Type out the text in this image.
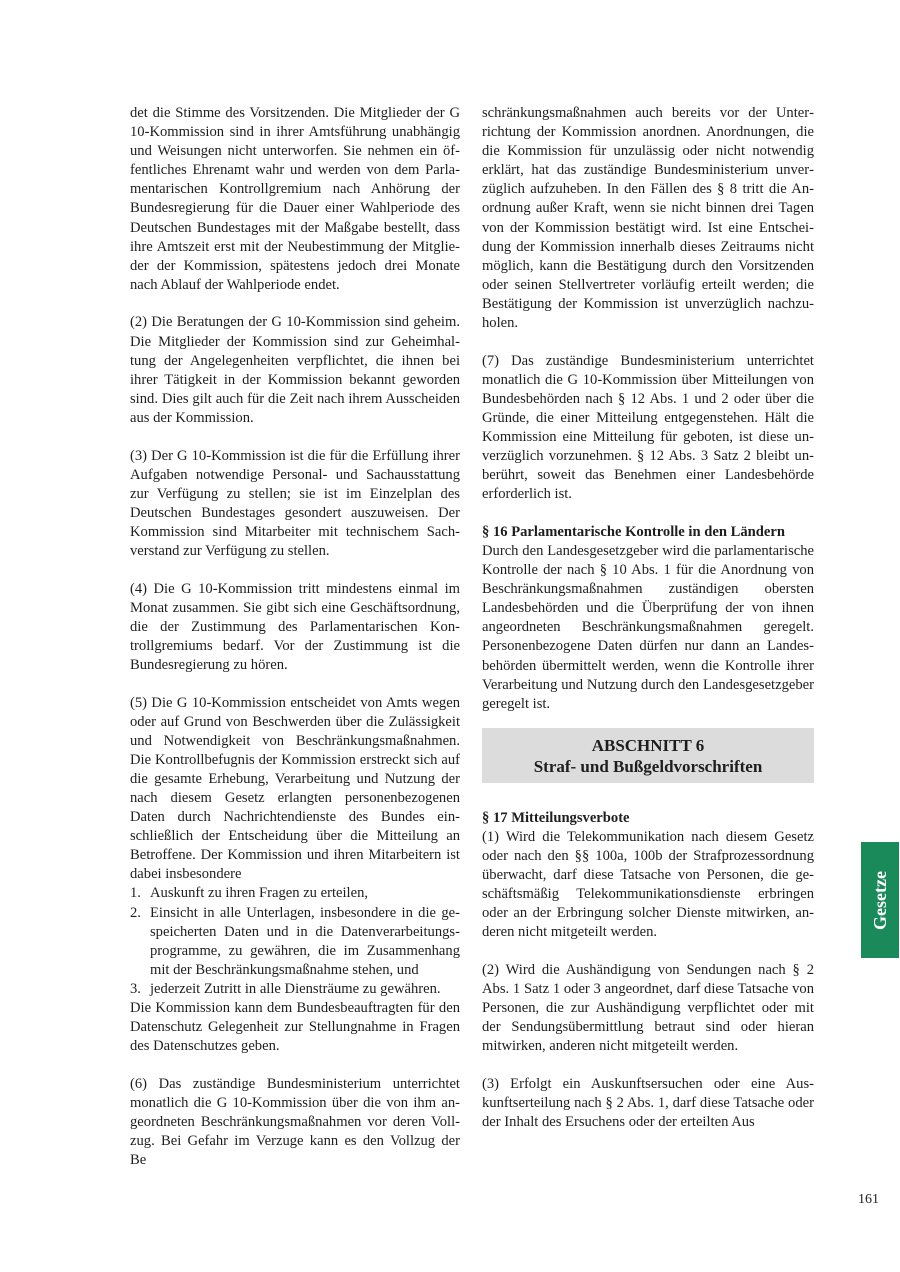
det die Stimme des Vorsitzenden. Die Mitglieder der G 10-Kommission sind in ihrer Amtsführung unabhängig und Weisungen nicht unterworfen. Sie nehmen ein öffentliches Ehrenamt wahr und werden von dem Parlamentarischen Kontrollgremium nach Anhörung der Bundesregierung für die Dauer einer Wahlperiode des Deutschen Bundestages mit der Maßgabe bestellt, dass ihre Amtszeit erst mit der Neubestimmung der Mitglieder der Kommission, spätestens jedoch drei Monate nach Ablauf der Wahlperiode endet.

(2) Die Beratungen der G 10-Kommission sind geheim. Die Mitglieder der Kommission sind zur Geheimhaltung der Angelegenheiten verpflichtet, die ihnen bei ihrer Tätigkeit in der Kommission bekannt geworden sind. Dies gilt auch für die Zeit nach ihrem Ausscheiden aus der Kommission.

(3) Der G 10-Kommission ist die für die Erfüllung ihrer Aufgaben notwendige Personal- und Sachausstattung zur Verfügung zu stellen; sie ist im Einzelplan des Deutschen Bundestages gesondert auszuweisen. Der Kommission sind Mitarbeiter mit technischem Sachverstand zur Verfügung zu stellen.

(4) Die G 10-Kommission tritt mindestens einmal im Monat zusammen. Sie gibt sich eine Geschäftsordnung, die der Zustimmung des Parlamentarischen Kontrollgremiums bedarf. Vor der Zustimmung ist die Bundesregierung zu hören.

(5) Die G 10-Kommission entscheidet von Amts wegen oder auf Grund von Beschwerden über die Zulässigkeit und Notwendigkeit von Beschränkungsmaßnahmen. Die Kontrollbefugnis der Kommission erstreckt sich auf die gesamte Erhebung, Verarbeitung und Nutzung der nach diesem Gesetz erlangten personenbezogenen Daten durch Nachrichtendienste des Bundes einschließlich der Entscheidung über die Mitteilung an Betroffene. Der Kommission und ihren Mitarbeitern ist dabei insbesondere

1. Auskunft zu ihren Fragen zu erteilen,
2. Einsicht in alle Unterlagen, insbesondere in die gespeicherten Daten und in die Datenverarbeitungsprogramme, zu gewähren, die im Zusammenhang mit der Beschränkungsmaßnahme stehen, und
3. jederzeit Zutritt in alle Diensträume zu gewähren.

Die Kommission kann dem Bundesbeauftragten für den Datenschutz Gelegenheit zur Stellungnahme in Fragen des Datenschutzes geben.

(6) Das zuständige Bundesministerium unterrichtet monatlich die G 10-Kommission über die von ihm angeordneten Beschränkungsmaßnahmen vor deren Vollzug. Bei Gefahr im Verzuge kann es den Vollzug der Be

schränkungsmaßnahmen auch bereits vor der Unterrichtung der Kommission anordnen. Anordnungen, die die Kommission für unzulässig oder nicht notwendig erklärt, hat das zuständige Bundesministerium unverzüglich aufzuheben. In den Fällen des § 8 tritt die Anordnung außer Kraft, wenn sie nicht binnen drei Tagen von der Kommission bestätigt wird. Ist eine Entscheidung der Kommission innerhalb dieses Zeitraums nicht möglich, kann die Bestätigung durch den Vorsitzenden oder seinen Stellvertreter vorläufig erteilt werden; die Bestätigung der Kommission ist unverzüglich nachzuholen.

(7) Das zuständige Bundesministerium unterrichtet monatlich die G 10-Kommission über Mitteilungen von Bundesbehörden nach § 12 Abs. 1 und 2 oder über die Gründe, die einer Mitteilung entgegenstehen. Hält die Kommission eine Mitteilung für geboten, ist diese unverzüglich vorzunehmen. § 12 Abs. 3 Satz 2 bleibt unberührt, soweit das Benehmen einer Landesbehörde erforderlich ist.

§ 16 Parlamentarische Kontrolle in den Ländern

Durch den Landesgesetzgeber wird die parlamentarische Kontrolle der nach § 10 Abs. 1 für die Anordnung von Beschränkungsmaßnahmen zuständigen obersten Landesbehörden und die Überprüfung der von ihnen angeordneten Beschränkungsmaßnahmen geregelt. Personenbezogene Daten dürfen nur dann an Landesbehörden übermittelt werden, wenn die Kontrolle ihrer Verarbeitung und Nutzung durch den Landesgesetzgeber geregelt ist.

ABSCHNITT 6
Straf- und Bußgeldvorschriften
§ 17 Mitteilungsverbote

(1) Wird die Telekommunikation nach diesem Gesetz oder nach den §§ 100a, 100b der Strafprozessordnung überwacht, darf diese Tatsache von Personen, die geschäftsmäßig Telekommunikationsdienste erbringen oder an der Erbringung solcher Dienste mitwirken, anderen nicht mitgeteilt werden.

(2) Wird die Aushändigung von Sendungen nach § 2 Abs. 1 Satz 1 oder 3 angeordnet, darf diese Tatsache von Personen, die zur Aushändigung verpflichtet oder mit der Sendungsübermittlung betraut sind oder hieran mitwirken, anderen nicht mitgeteilt werden.

(3) Erfolgt ein Auskunftsersuchen oder eine Auskunftserteilung nach § 2 Abs. 1, darf diese Tatsache oder der Inhalt des Ersuchens oder der erteilten Aus

Gesetze
161
